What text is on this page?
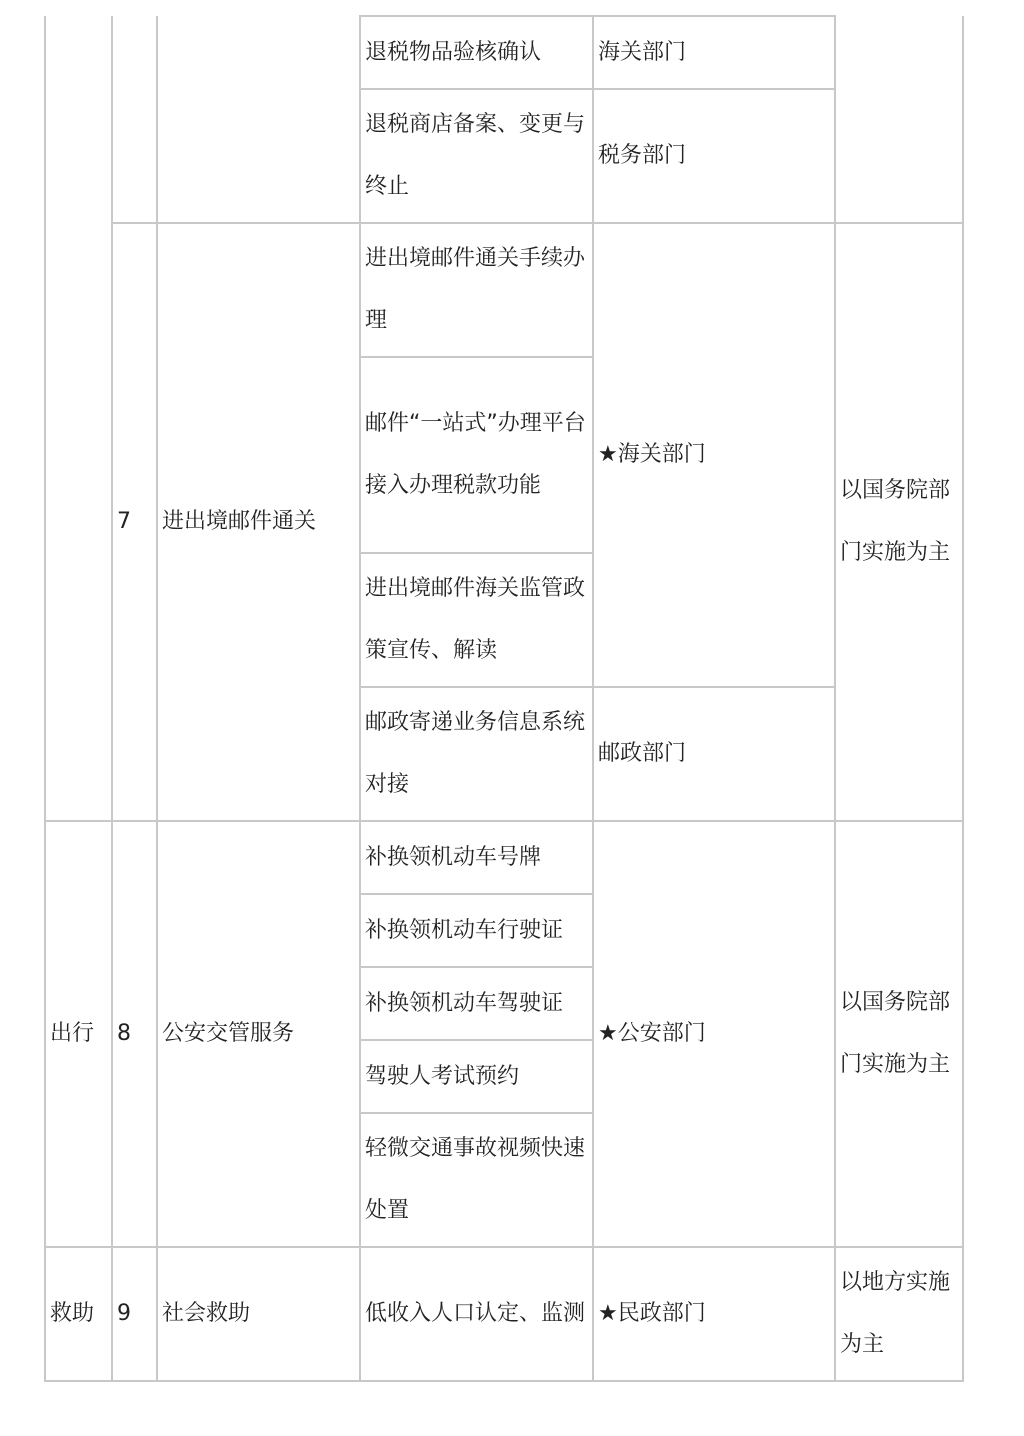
			退税物品验核确认	海关部门	
			退税商店备案、变更与终止	税务部门	
	7	进出境邮件通关	进出境邮件通关手续办理	★ 海关部门	以国务院部门实施为主
			邮件“一站式”办理平台接入办理税款功能		
			进出境邮件海关监管政策宣传、解读		
			邮政寄递业务信息系统对接	邮政部门	
出行	8	公安交管服务	补换领机动车号牌	★ 公安部门	以国务院部门实施为主
			补换领机动车行驶证		
			补换领机动车驾驶证		
			驾驶人考试预约		
			轻微交通事故视频快速处置		
救助	9	社会救助	低收入人口认定、监测	★ 民政部门	以地方实施为主
